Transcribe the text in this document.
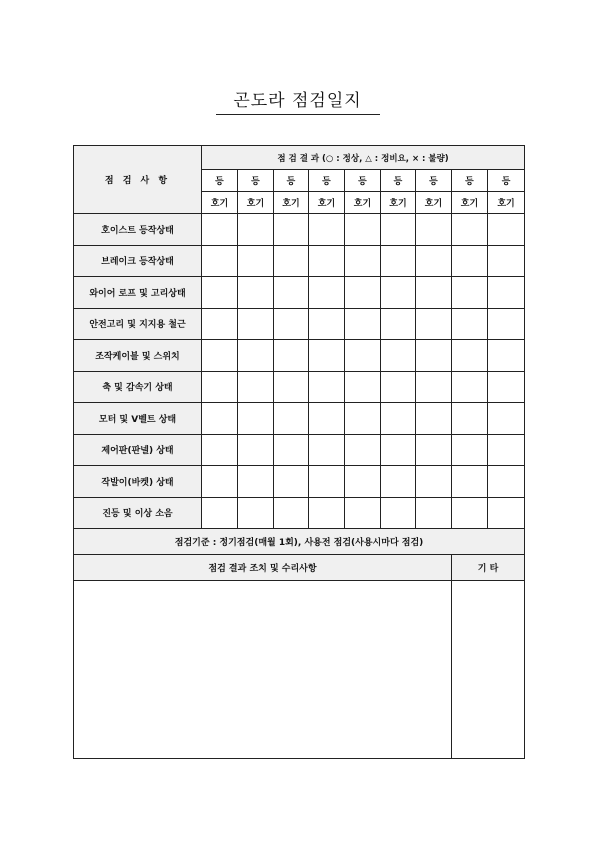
곤도라 점검일지
점 검 사 항	점 검 결 과 (○ : 정상, △ : 정비요, × : 불량)								
	등	등	등	등	등	등	등	등	등
	호기	호기	호기	호기	호기	호기	호기	호기	호기
호이스트 등작상태									
브레이크 등작상태									
와이어 로프 및 고리상태									
안전고리 및 지지용 철근									
조작케이블 및 스위치									
축 및 감속기 상태									
모터 및 V벨트 상태									
제어판(판넬) 상태									
작발이(바켓) 상태									
진등 및 이상 소음									
점검기준 : 정기점검(매월 1회), 사용전 점검(사용시마다 점검)									
점검 결과 조치 및 수리사항								기 타	
